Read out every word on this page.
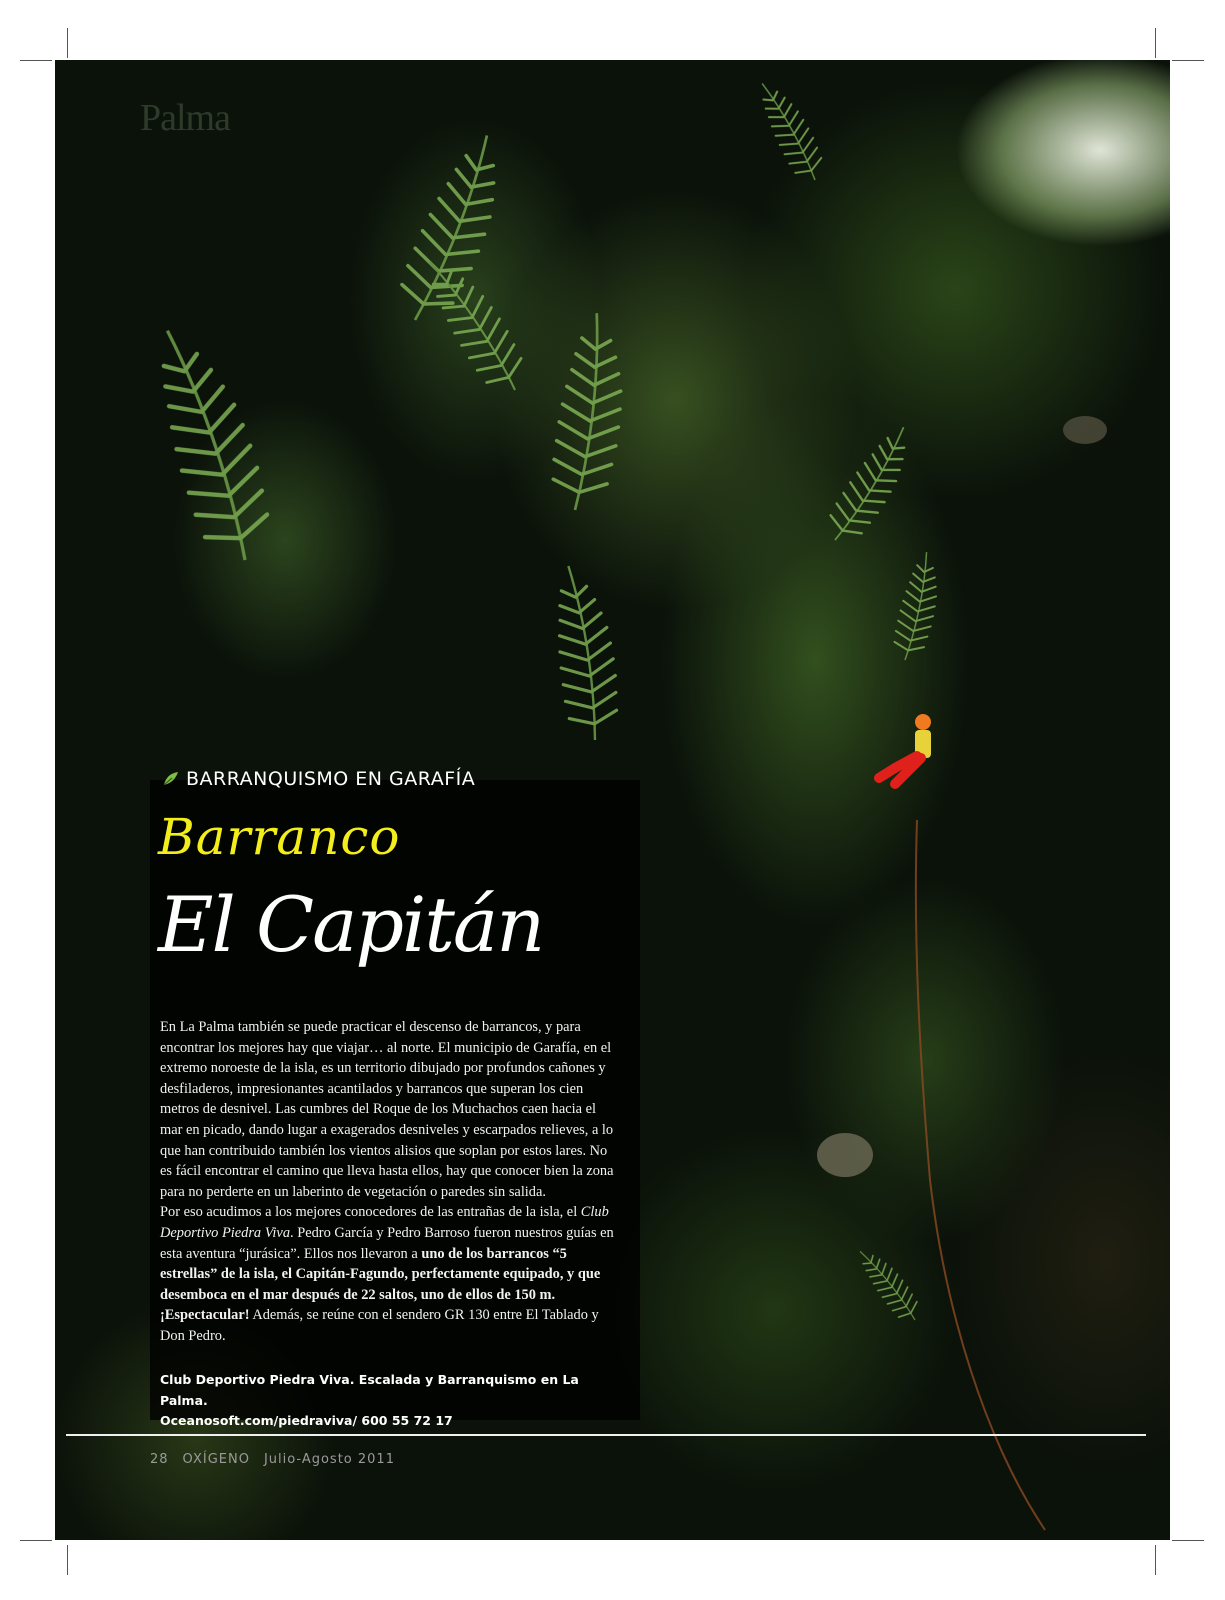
Palma
BARRANQUISMO EN GARAFÍA
Barranco
El Capitán

En La Palma también se puede practicar el descenso de barrancos, y para encontrar los mejores hay que viajar… al norte. El municipio de Garafía, en el extremo noroeste de la isla, es un territorio dibujado por profundos cañones y desfiladeros, impresionantes acantilados y barrancos que superan los cien metros de desnivel. Las cumbres del Roque de los Muchachos caen hacia el mar en picado, dando lugar a exagerados desniveles y escarpados relieves, a lo que han contribuido también los vientos alisios que soplan por estos lares. No es fácil encontrar el camino que lleva hasta ellos, hay que conocer bien la zona para no perderte en un laberinto de vegetación o paredes sin salida.

Por eso acudimos a los mejores conocedores de las entrañas de la isla, el Club Deportivo Piedra Viva. Pedro García y Pedro Barroso fueron nuestros guías en esta aventura “jurásica”. Ellos nos llevaron a uno de los barrancos “5 estrellas” de la isla, el Capitán-Fagundo, perfectamente equipado, y que desemboca en el mar después de 22 saltos, uno de ellos de 150 m. ¡Espectacular! Además, se reúne con el sendero GR 130 entre El Tablado y Don Pedro.

Club Deportivo Piedra Viva. Escalada y Barranquismo en La Palma.
Oceanosoft.com/piedraviva/ 600 55 72 17
28 OXÍGENO Julio-Agosto 2011
